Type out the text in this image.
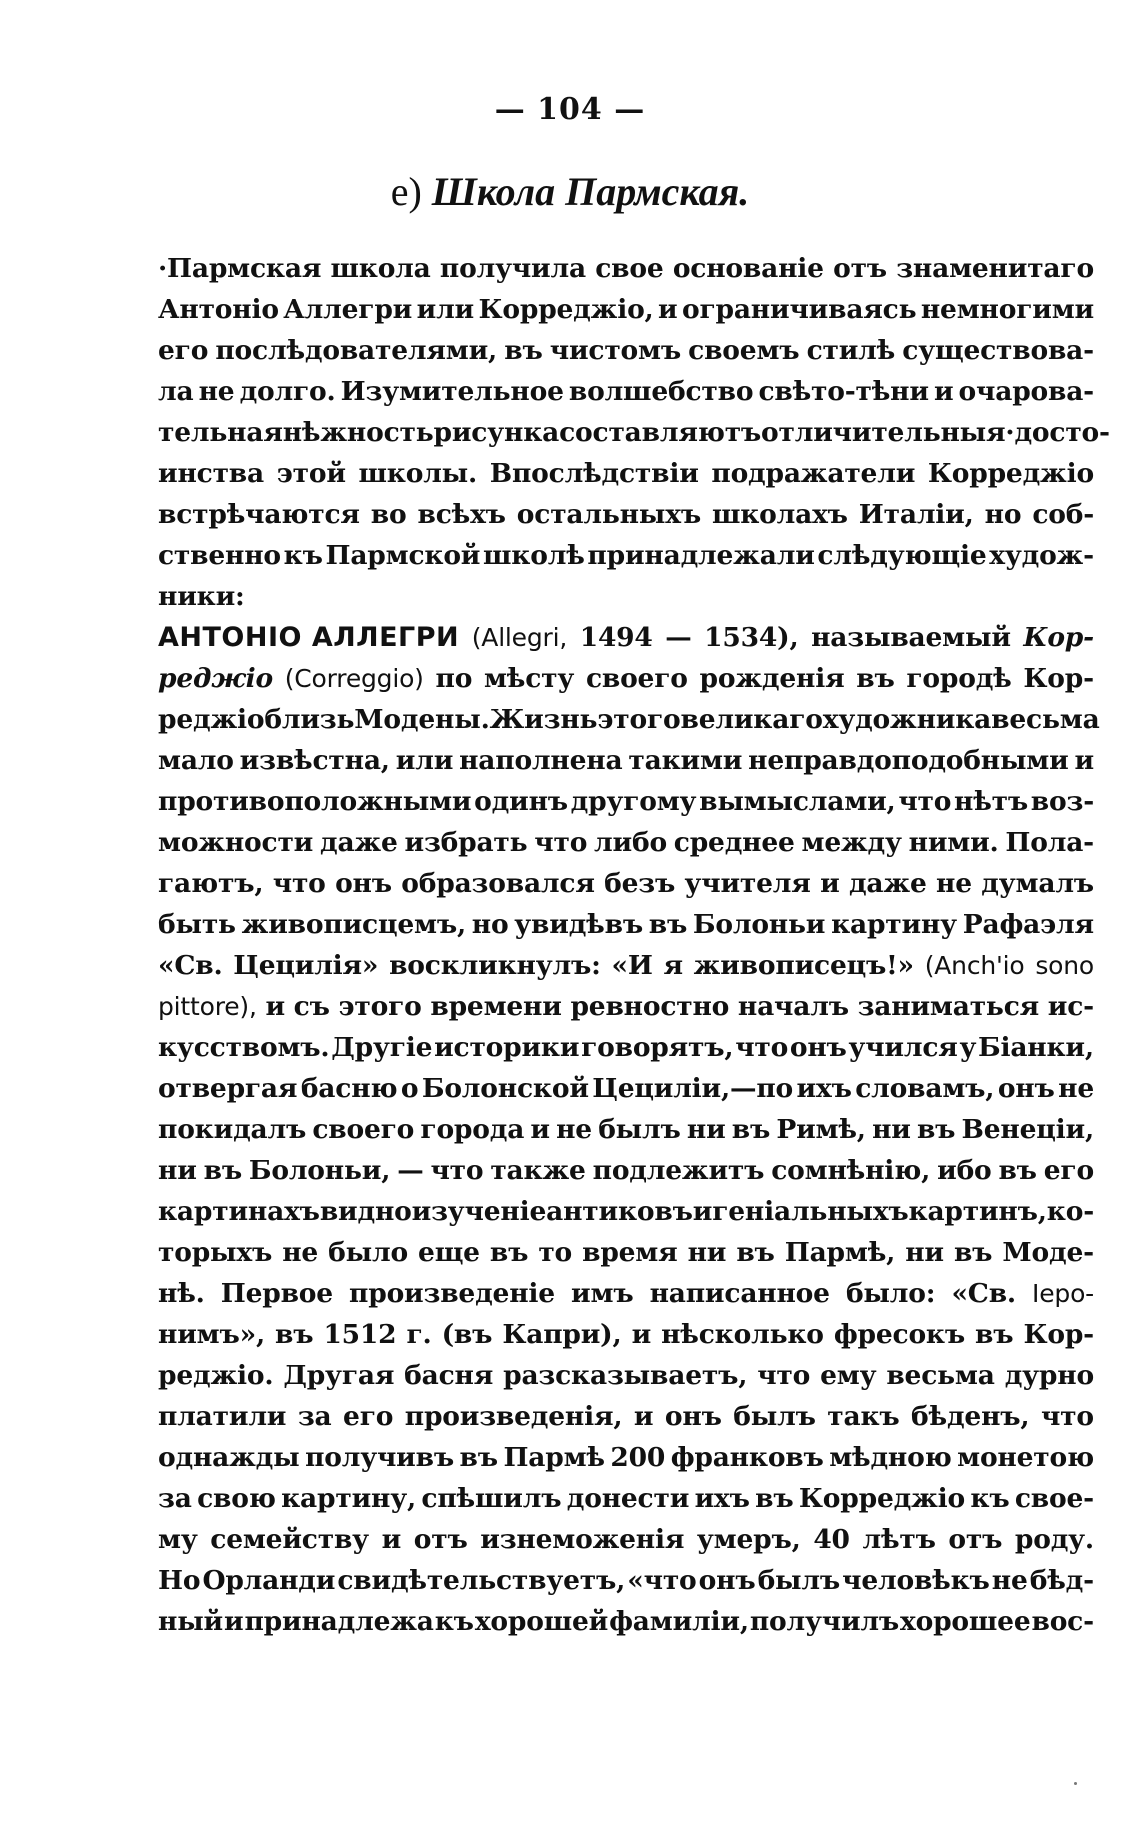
— 104 —
е) Школа Пармская.
·Пармская школа получила свое основанiе отъ знаменитаго
Антонiо Аллегри или Корреджiо, и ограничиваясь немногими
его послѣдователями, въ чистомъ своемъ стилѣ существова-
ла не долго. Изумительное волшебство свѣто-тѣни и очарова-
тельная нѣжность рисунка составляютъ отличительныя·досто-
инства этой школы. Впослѣдствiи подражатели Корреджiо
встрѣчаются во всѣхъ остальныхъ школахъ Италiи, но соб-
ственно къ Пармской школѣ принадлежали слѣдующiе худож-
ники:
АНТОНIО АЛЛЕГРИ (Allegri, 1494 — 1534), называемый Кор-
реджiо (Correggio) по мѣсту своего рожденiя въ городѣ Кор-
реджiо близь Модены. Жизнь этого великаго художника весьма
мало извѣстна, или наполнена такими неправдоподобными и
противоположными одинъ другому вымыслами, что нѣтъ воз-
можности даже избрать что либо среднее между ними. Пола-
гаютъ, что онъ образовался безъ учителя и даже не думалъ
быть живописцемъ, но увидѣвъ въ Болоньи картину Рафаэля
«Св. Цецилiя» воскликнулъ: «И я живописецъ!» (Anch'io sono
pittore), и съ этого времени ревностно началъ заниматься ис-
кусствомъ. Другiе историки говорятъ, что онъ учился у Бiанки,
отвергая басню о Болонской Цецилiи,—по ихъ словамъ, онъ не
покидалъ своего города и не былъ ни въ Римѣ, ни въ Венецiи,
ни въ Болоньи, — что также подлежитъ сомнѣнiю, ибо въ его
картинахъ видно изученiе антиковъ и генiальныхъ картинъ, ко-
торыхъ не было еще въ то время ни въ Пармѣ, ни въ Моде-
нѣ. Первое произведенiе имъ написанное было: «Св. Iеро-
нимъ», въ 1512 г. (въ Капри), и нѣсколько фресокъ въ Кор-
реджiо. Другая басня разсказываетъ, что ему весьма дурно
платили за его произведенiя, и онъ былъ такъ бѣденъ, что
однажды получивъ въ Пармѣ 200 франковъ мѣдною монетою
за свою картину, спѣшилъ донести ихъ въ Корреджiо къ свое-
му семейству и отъ изнеможенiя умеръ, 40 лѣтъ отъ роду.
Но Орланди свидѣтельствуетъ, «что онъ былъ человѣкъ не бѣд-
ный и принадлежа къ хорошей фамилiи, получилъ хорошее вос-
